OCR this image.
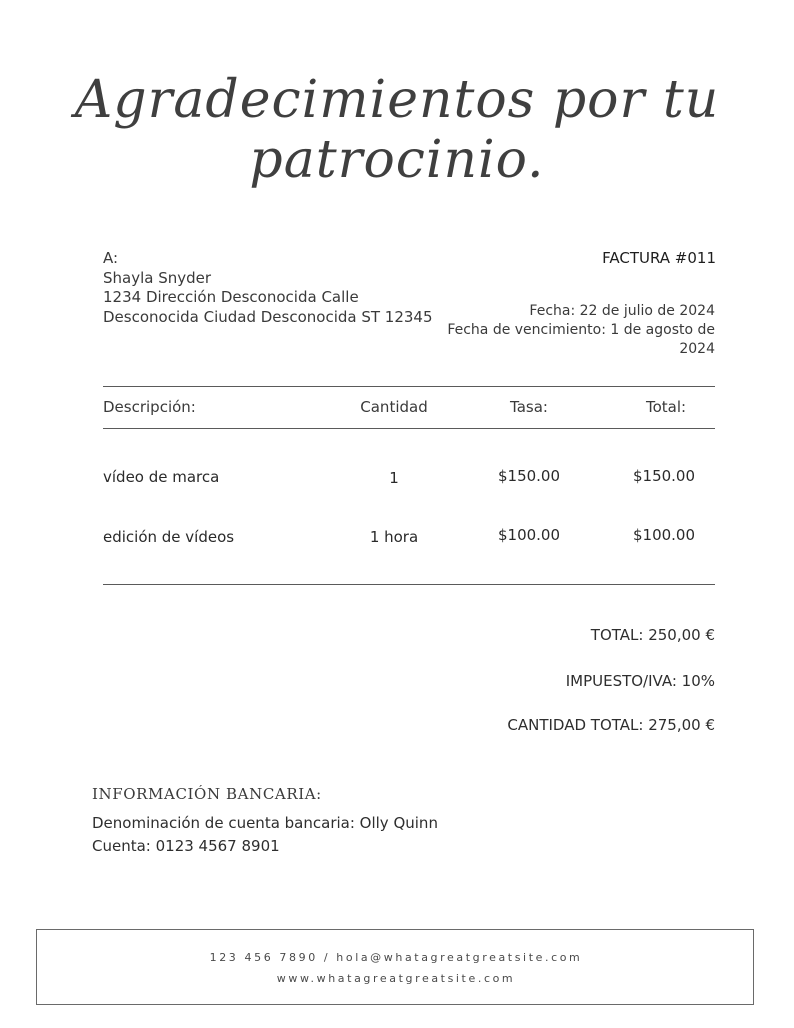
Agradecimientos por tu patrocinio.
A:
Shayla Snyder
1234 Dirección Desconocida Calle
Desconocida Ciudad Desconocida ST 12345
FACTURA #011
Fecha: 22 de julio de 2024
Fecha de vencimiento: 1 de agosto de
2024
Descripción:	Cantidad	Tasa:	Total:
vídeo de marca	1	$150.00	$150.00
edición de vídeos	1 hora	$100.00	$100.00
TOTAL: 250,00 €
IMPUESTO/IVA: 10%
CANTIDAD TOTAL: 275,00 €
INFORMACIÓN BANCARIA:
Denominación de cuenta bancaria: Olly Quinn
Cuenta: 0123 4567 8901
123 456 7890 / hola@whatagreatgreatsite.com
www.whatagreatgreatsite.com
